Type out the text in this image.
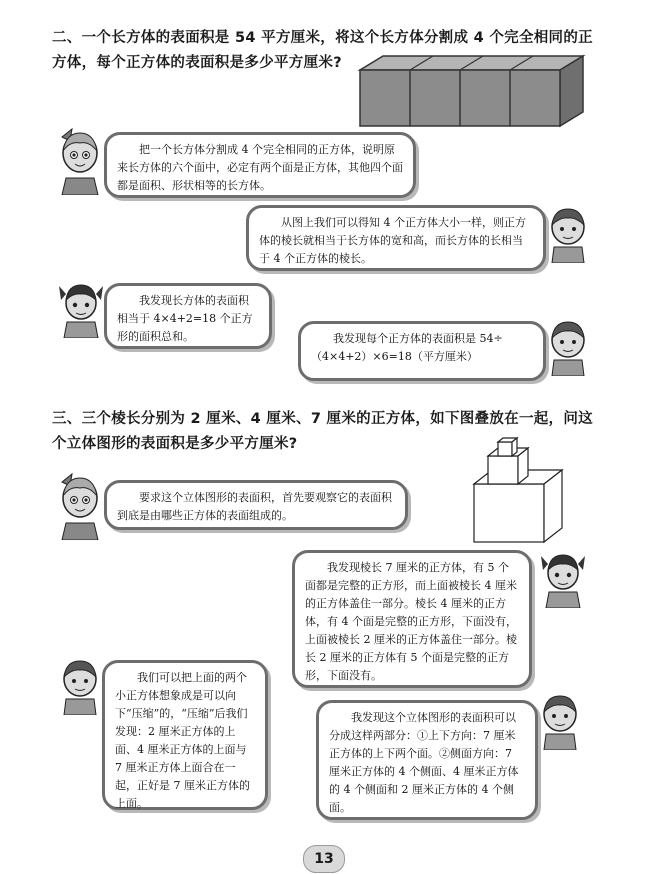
二、一个长方体的表面积是 54 平方厘米，将这个长方体分割成 4 个完全相同的正
方体，每个正方体的表面积是多少平方厘米?

把一个长方体分割成 4 个完全相同的正方体，说明原来长方体的六个面中，必定有两个面是正方体，其他四个面都是面积、形状相等的长方体。

从图上我们可以得知 4 个正方体大小一样，则正方体的棱长就相当于长方体的宽和高，而长方体的长相当于 4 个正方体的棱长。

我发现长方体的表面积相当于 4×4+2=18 个正方形的面积总和。	我发现每个正方体的表面积是 54÷（4×4+2）×6=18（平方厘米）

三、三个棱长分别为 2 厘米、4 厘米、7 厘米的正方体，如下图叠放在一起，问这
个立体图形的表面积是多少平方厘米?

要求这个立体图形的表面积，首先要观察它的表面积到底是由哪些正方体的表面组成的。

我发现棱长 7 厘米的正方体，有 5 个面都是完整的正方形，而上面被棱长 4 厘米的正方体盖住一部分。棱长 4 厘米的正方体，有 4 个面是完整的正方形，下面没有，上面被棱长 2 厘米的正方体盖住一部分。棱长 2 厘米的正方体有 5 个面是完整的正方形，下面没有。

我们可以把上面的两个小正方体想象成是可以向下“压缩”的，“压缩”后我们发现：2 厘米正方体的上面、4 厘米正方体的上面与 7 厘米正方体上面合在一起，正好是 7 厘米正方体的上面。

我发现这个立体图形的表面积可以分成这样两部分：①上下方向：7 厘米正方体的上下两个面。②侧面方向：7 厘米正方体的 4 个侧面、4 厘米正方体的 4 个侧面和 2 厘米正方体的 4 个侧面。

13
